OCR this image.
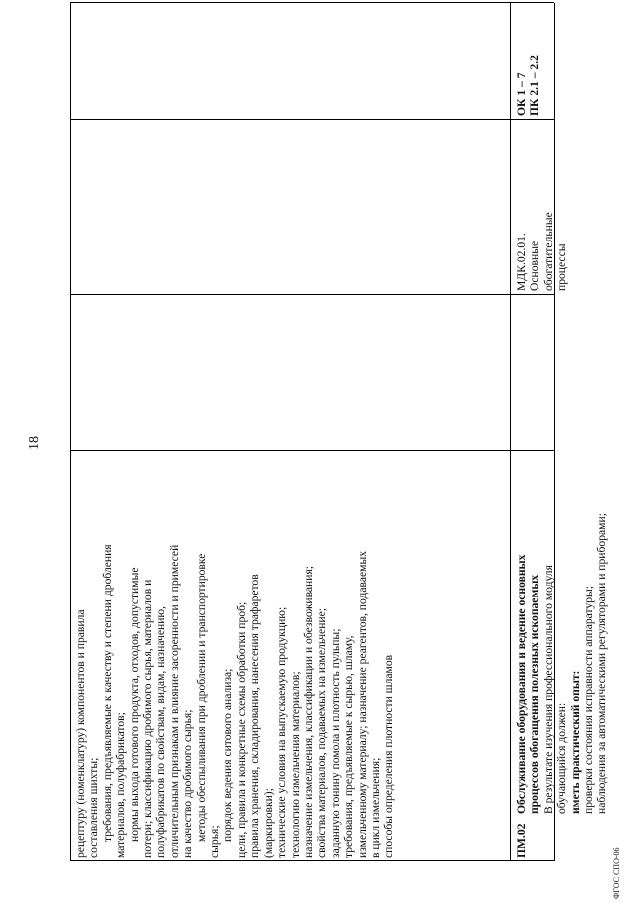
18
рецептуру (номенклатуру) компонентов и правила составления шихты; требования, предъявляемые к качеству и степени дробления материалов, полуфабрикатов; нормы выхода готового продукта, отходов, допустимые потери; классификацию дробимого сырья, материалов и полуфабрикатов по свойствам, видам, назначению, отличительным признакам и влияние засоренности и примесей на качество дробимого сырья; методы обеспыливания при дроблении и транспортировке сырья; порядок ведения ситового анализа; цели, правила и конкретные схемы обработки проб; правила хранения, складирования, нанесения трафаретов (маркировки); технические условия на выпускаемую продукцию; технологию измельчения материалов; назначение измельчения, классификации и обезвоживания; свойства материалов, подаваемых на измельчение; заданную тонину помола и плотность пульпы; требования, предъявляемые к сырью, шламу, измельченному материалу; назначение реагентов, подаваемых в цикл измельчения; способы определения плотности шламов	ПМ.02
МДК.02.01. Основные обогатительные процессы
ОК 1 – 7 ПК 2.1 – 2.2
Обслуживание оборудования и ведение основных процессов обогащения полезных ископаемых В результате изучения профессионального модуля обучающийся должен: иметь практический опыт: проверки состояния исправности аппаратуры; наблюдения за автоматическими регуляторами и приборами;
ФГОС СПО-06
